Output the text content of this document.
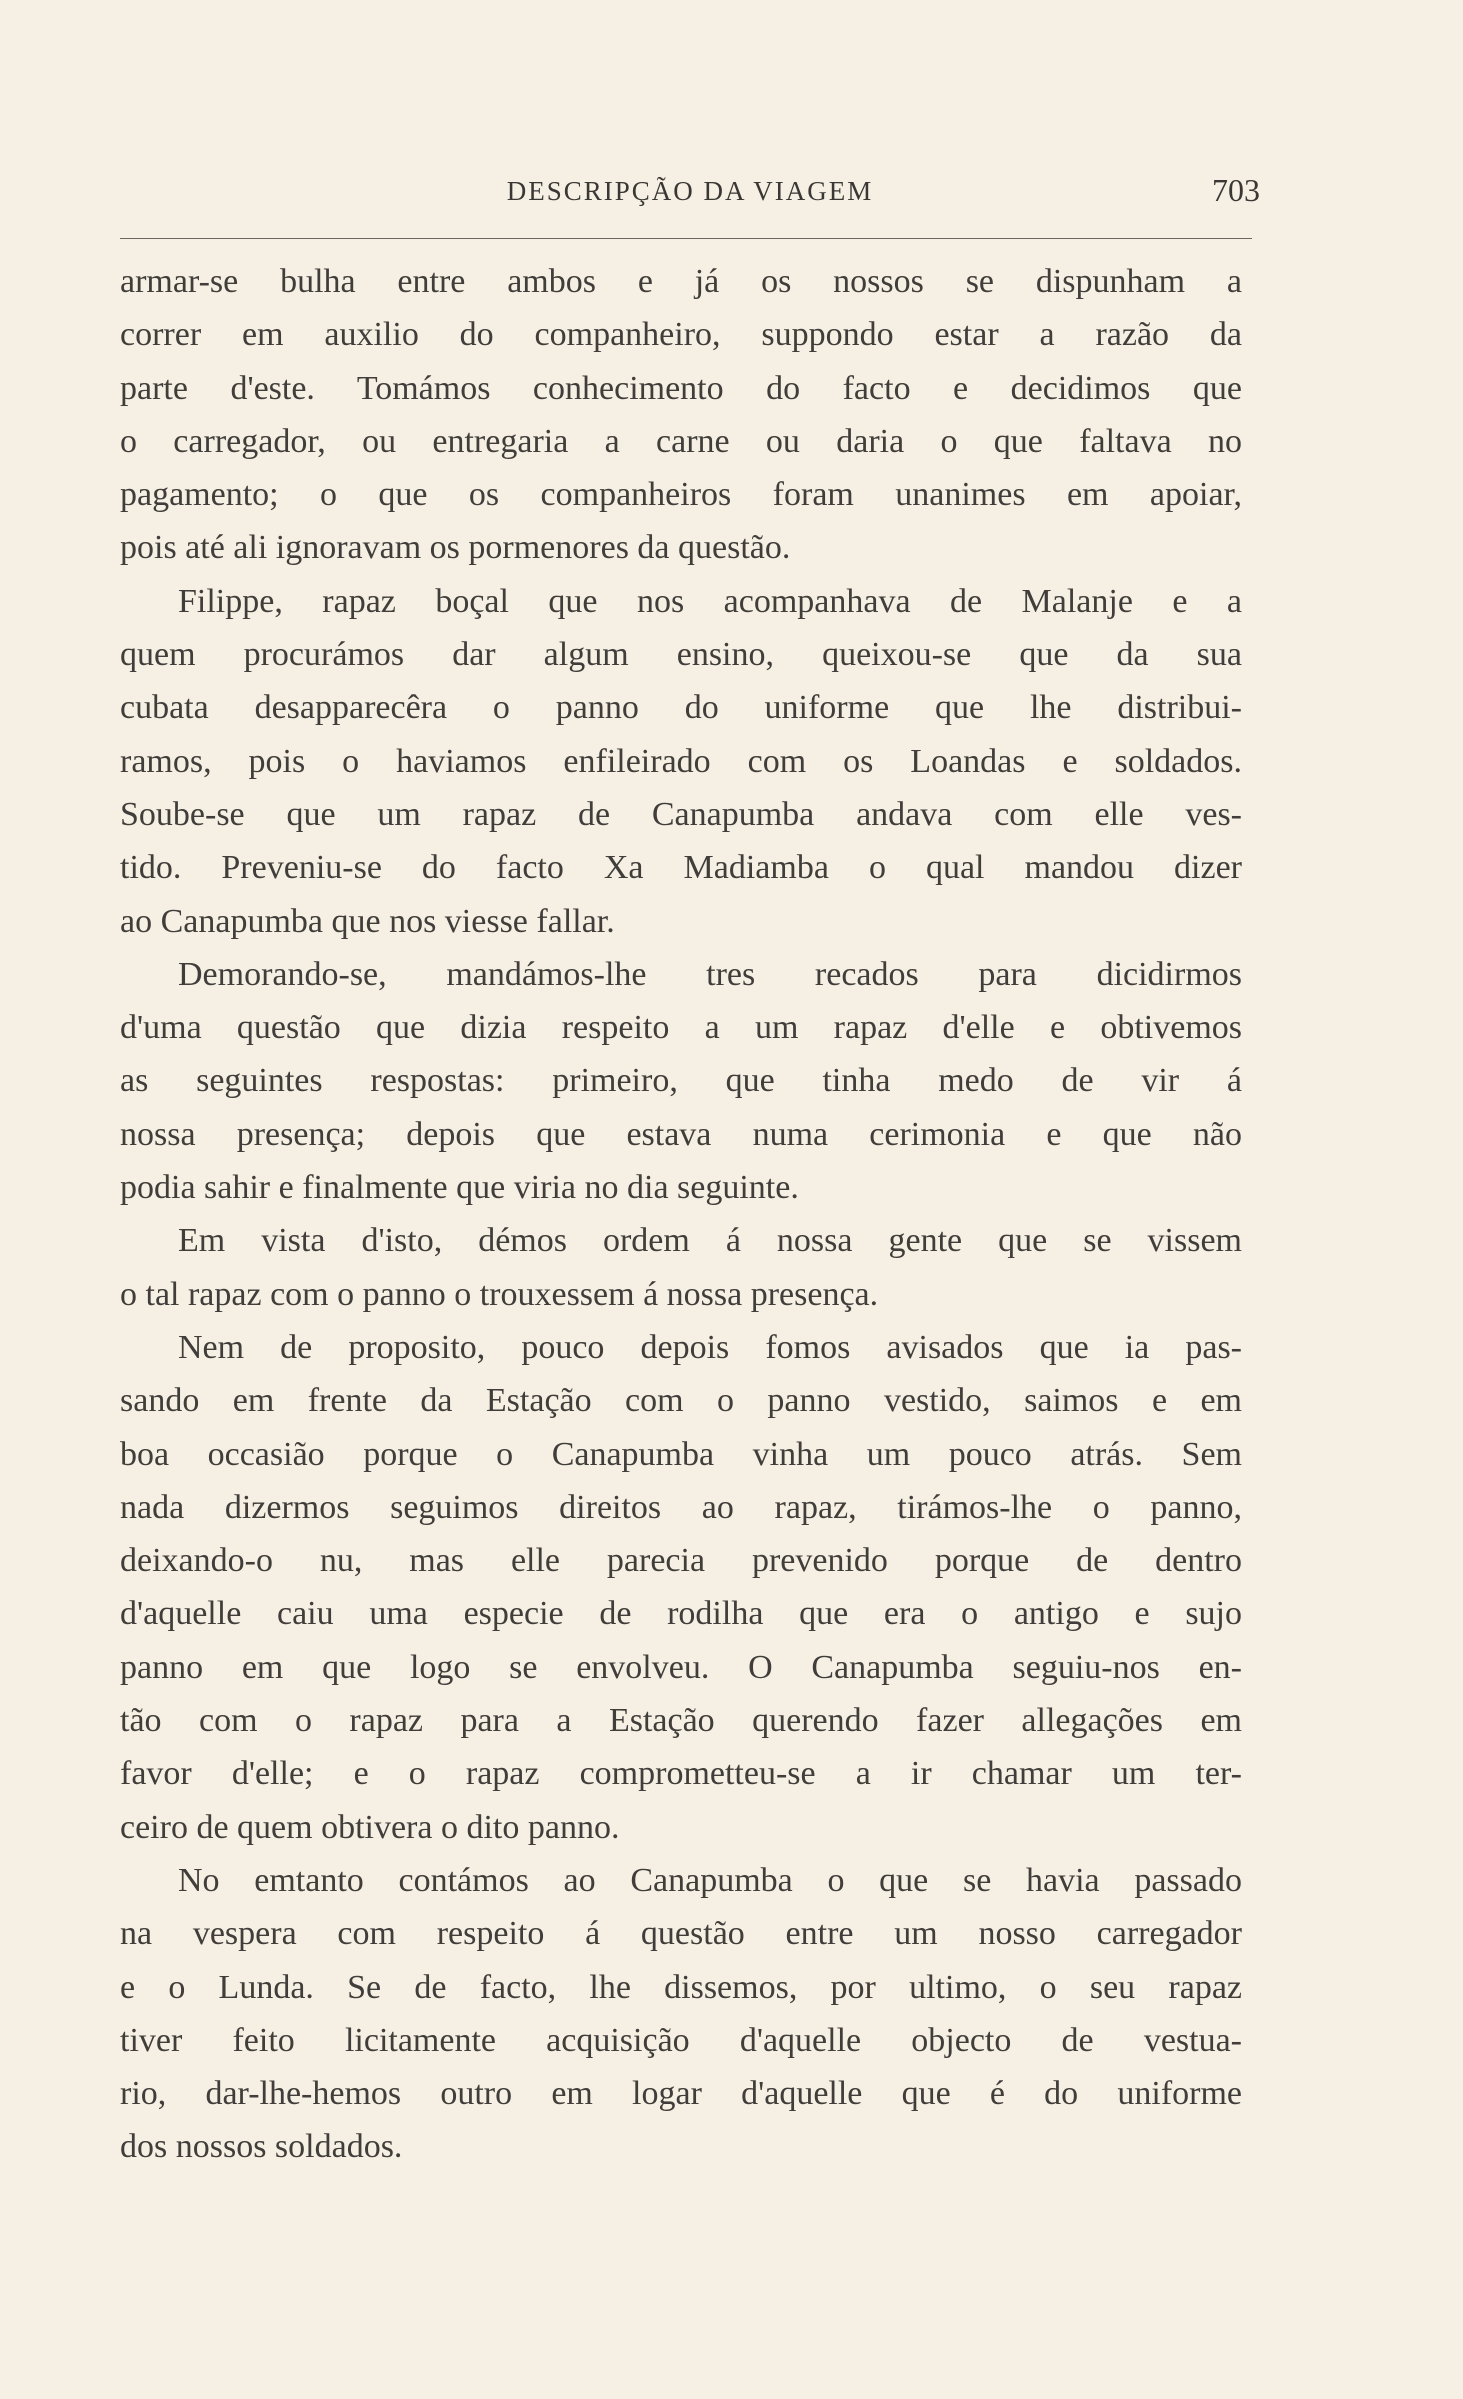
DESCRIPÇÃO DA VIAGEM	703
armar-se bulha entre ambos e já os nossos se dispunham a
correr em auxilio do companheiro, suppondo estar a razão da
parte d'este. Tomámos conhecimento do facto e decidimos que
o carregador, ou entregaria a carne ou daria o que faltava no
pagamento; o que os companheiros foram unanimes em apoiar,
pois até ali ignoravam os pormenores da questão.
Filippe, rapaz boçal que nos acompanhava de Malanje e a
quem procurámos dar algum ensino, queixou-se que da sua
cubata desapparecêra o panno do uniforme que lhe distribui-
ramos, pois o haviamos enfileirado com os Loandas e soldados.
Soube-se que um rapaz de Canapumba andava com elle ves-
tido. Preveniu-se do facto Xa Madiamba o qual mandou dizer
ao Canapumba que nos viesse fallar.
Demorando-se, mandámos-lhe tres recados para dicidirmos
d'uma questão que dizia respeito a um rapaz d'elle e obtivemos
as seguintes respostas: primeiro, que tinha medo de vir á
nossa presença; depois que estava numa cerimonia e que não
podia sahir e finalmente que viria no dia seguinte.
Em vista d'isto, démos ordem á nossa gente que se vissem
o tal rapaz com o panno o trouxessem á nossa presença.
Nem de proposito, pouco depois fomos avisados que ia pas-
sando em frente da Estação com o panno vestido, saimos e em
boa occasião porque o Canapumba vinha um pouco atrás. Sem
nada dizermos seguimos direitos ao rapaz, tirámos-lhe o panno,
deixando-o nu, mas elle parecia prevenido porque de dentro
d'aquelle caiu uma especie de rodilha que era o antigo e sujo
panno em que logo se envolveu. O Canapumba seguiu-nos en-
tão com o rapaz para a Estação querendo fazer allegações em
favor d'elle; e o rapaz comprometteu-se a ir chamar um ter-
ceiro de quem obtivera o dito panno.
No emtanto contámos ao Canapumba o que se havia passado
na vespera com respeito á questão entre um nosso carregador
e o Lunda. Se de facto, lhe dissemos, por ultimo, o seu rapaz
tiver feito licitamente acquisição d'aquelle objecto de vestua-
rio, dar-lhe-hemos outro em logar d'aquelle que é do uniforme
dos nossos soldados.
